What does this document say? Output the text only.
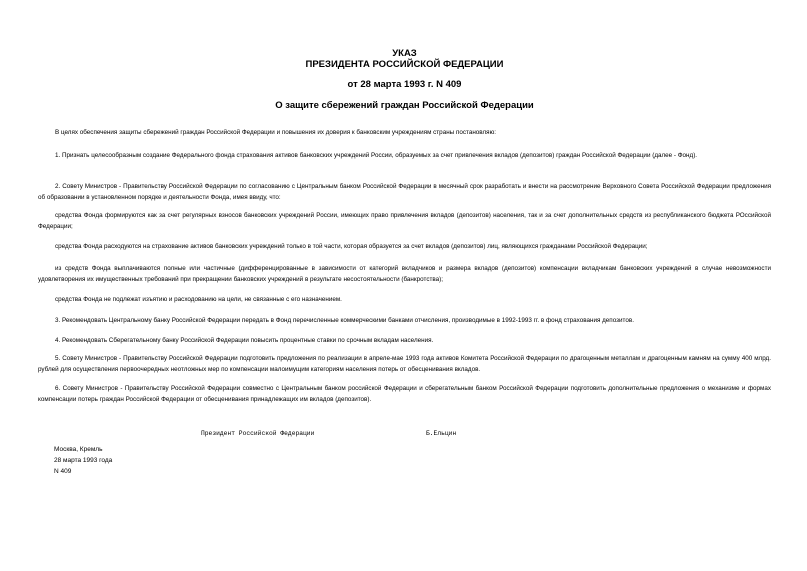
УКАЗ
ПРЕЗИДЕНТА РОССИЙСКОЙ ФЕДЕРАЦИИ
от 28 марта 1993 г. N 409
О защите сбережений граждан Российской Федерации
В целях обеспечения защиты сбережений граждан Российской Федерации и повышения их доверия к банковским учреждениям страны постановляю:
1. Признать целесообразным создание Федерального фонда страхования активов банковских учреждений России, образуемых за счет привлечения вкладов (депозитов) граждан Российской Федерации (далее - Фонд).
2. Совету Министров - Правительству Российской Федерации по согласованию с Центральным банком Российской Федерации в месячный срок разработать и внести на рассмотрение Верховного Совета Российской Федерации предложения об образовании в установленном порядке и деятельности Фонда, имея ввиду, что:
средства Фонда формируются как за счет регулярных взносов банковских учреждений России, имеющих право привлечения вкладов (депозитов) населения, так и за счет дополнительных средств из республиканского бюджета РОссийской Федерации;
средства Фонда расходуются на страхование активов банковских учреждений только в той части, которая образуется за счет вкладов (депозитов) лиц, являющихся гражданами Российской Федерации;
из средств Фонда выплачиваются полные или частичные (дифференцированные в зависимости от категорий вкладчиков и размера вкладов (депозитов) компенсации вкладчикам банковских учреждений в случае невозможности удовлетворения их имущественных требований при прекращении банковских учреждений в результате несостоятельности (банкротства);
средства Фонда не подлежат изъятию и расходованию на цели, не связанные с его назначением.
3. Рекомендовать Центральному банку Российской Федерации передать в Фонд перечисленные коммерческими банками отчисления, производимые в 1992-1993 гг. в фонд страхования депозитов.
4. Рекомендовать Сберегательному банку Российской Федерации повысить процентные ставки по срочным вкладам населения.
5. Совету Министров - Правительству Российской Федерации подготовить предложения по реализации в апреле-мае 1993 года активов Комитета Российской Федерации по драгоценным металлам и драгоценным камням на сумму 400 млрд. рублей для осуществления первоочередных неотложных мер по компенсации малоимущим категориям населения потерь от обесценивания вкладов.
6. Совету Министров - Правительству Российской Федерации совместно с Центральным банком российской Федерации и сберегательным банком Российской Федерации подготовить дополнительные предложения о механизме и формах компенсации потерь граждан Российской Федерации от обесценивания принадлежащих им вкладов (депозитов).
Президент Российской Федерации	Б.Ельцин
Москва, Кремль
28 марта 1993 года
N 409
